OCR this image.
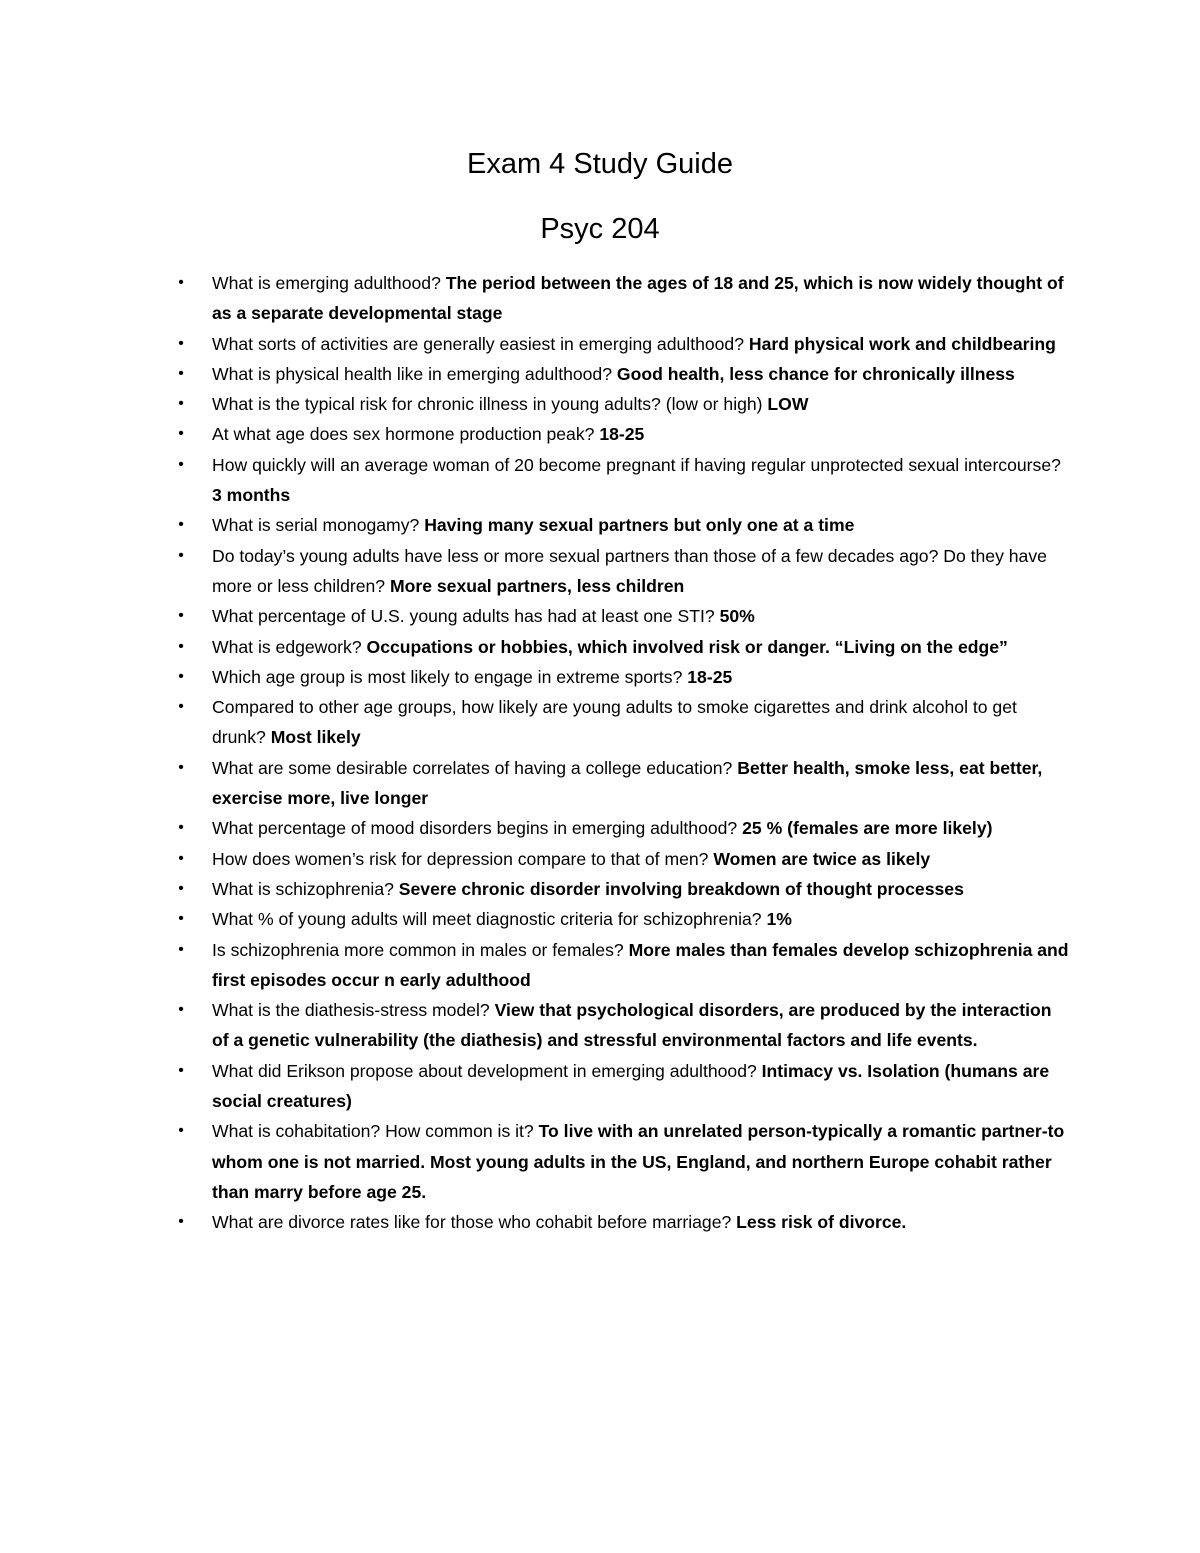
Exam 4 Study Guide
Psyc 204
• What is emerging adulthood? The period between the ages of 18 and 25, which is now widely thought of as a separate developmental stage
• What sorts of activities are generally easiest in emerging adulthood? Hard physical work and childbearing
• What is physical health like in emerging adulthood? Good health, less chance for chronically illness
• What is the typical risk for chronic illness in young adults? (low or high) LOW
• At what age does sex hormone production peak? 18-25
• How quickly will an average woman of 20 become pregnant if having regular unprotected sexual intercourse? 3 months
• What is serial monogamy? Having many sexual partners but only one at a time
• Do today’s young adults have less or more sexual partners than those of a few decades ago? Do they have more or less children? More sexual partners, less children
• What percentage of U.S. young adults has had at least one STI? 50%
• What is edgework? Occupations or hobbies, which involved risk or danger. “Living on the edge”
• Which age group is most likely to engage in extreme sports? 18-25
• Compared to other age groups, how likely are young adults to smoke cigarettes and drink alcohol to get drunk? Most likely
• What are some desirable correlates of having a college education? Better health, smoke less, eat better, exercise more, live longer
• What percentage of mood disorders begins in emerging adulthood? 25 % (females are more likely)
• How does women’s risk for depression compare to that of men? Women are twice as likely
• What is schizophrenia? Severe chronic disorder involving breakdown of thought processes
• What % of young adults will meet diagnostic criteria for schizophrenia? 1%
• Is schizophrenia more common in males or females? More males than females develop schizophrenia and first episodes occur n early adulthood
• What is the diathesis-stress model? View that psychological disorders, are produced by the interaction of a genetic vulnerability (the diathesis) and stressful environmental factors and life events.
• What did Erikson propose about development in emerging adulthood? Intimacy vs. Isolation (humans are social creatures)
• What is cohabitation? How common is it? To live with an unrelated person-typically a romantic partner-to whom one is not married. Most young adults in the US, England, and northern Europe cohabit rather than marry before age 25.
• What are divorce rates like for those who cohabit before marriage? Less risk of divorce.
